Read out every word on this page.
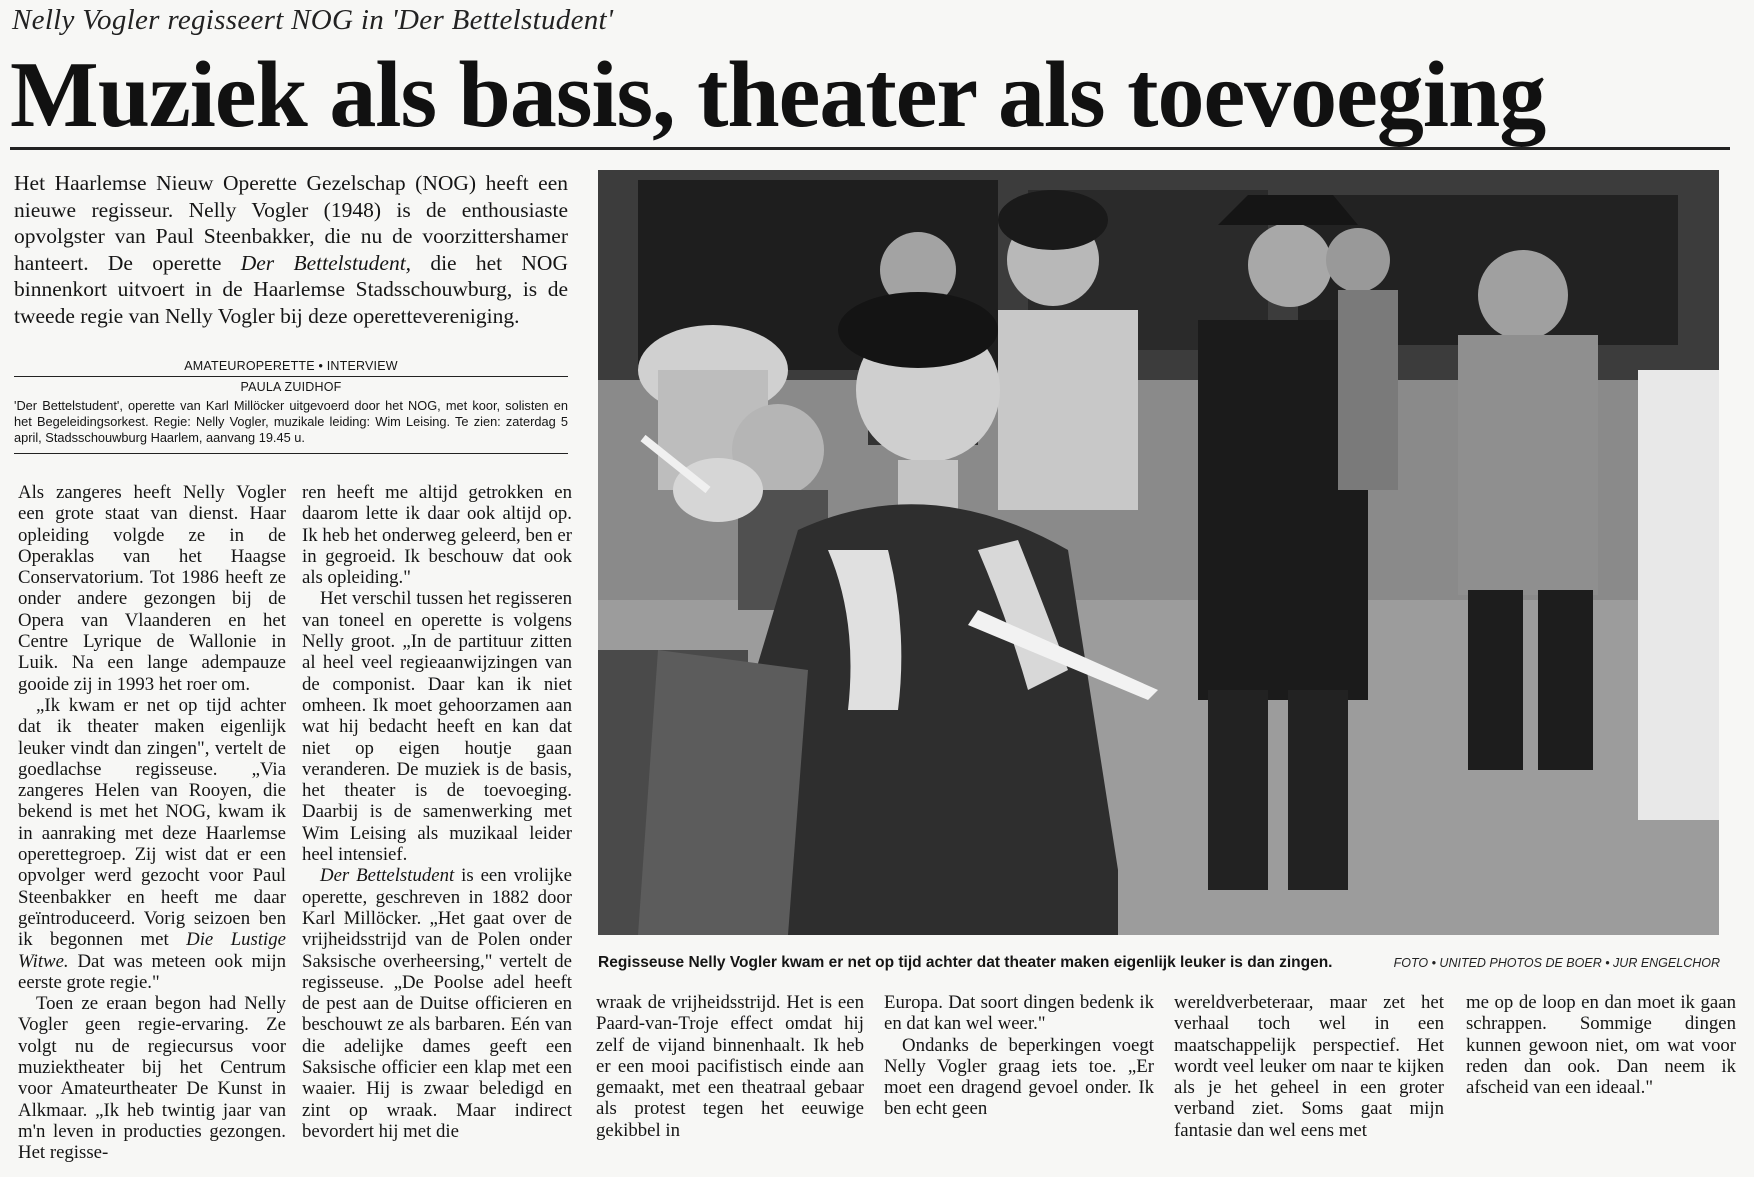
Nelly Vogler regisseert NOG in 'Der Bettelstudent'
Muziek als basis, theater als toevoeging
Het Haarlemse Nieuw Operette Gezelschap (NOG) heeft een nieuwe regisseur. Nelly Vogler (1948) is de enthousiaste opvolgster van Paul Steenbakker, die nu de voorzittershamer hanteert. De operette Der Bettelstudent, die het NOG binnenkort uitvoert in de Haarlemse Stadsschouwburg, is de tweede regie van Nelly Vogler bij deze operettevereniging.
AMATEUROPERETTE • INTERVIEW
PAULA ZUIDHOF
'Der Bettelstudent', operette van Karl Millöcker uitgevoerd door het NOG, met koor, solisten en het Begeleidingsorkest. Regie: Nelly Vogler, muzikale leiding: Wim Leising. Te zien: zaterdag 5 april, Stadsschouwburg Haarlem, aanvang 19.45 u.

Als zangeres heeft Nelly Vogler een grote staat van dienst. Haar opleiding volgde ze in de Operaklas van het Haagse Conservatorium. Tot 1986 heeft ze onder andere gezongen bij de Opera van Vlaanderen en het Centre Lyrique de Wallonie in Luik. Na een lange adempauze gooide zij in 1993 het roer om.

„Ik kwam er net op tijd achter dat ik theater maken eigenlijk leuker vindt dan zingen", vertelt de goedlachse regisseuse. „Via zangeres Helen van Rooyen, die bekend is met het NOG, kwam ik in aanraking met deze Haarlemse operettegroep. Zij wist dat er een opvolger werd gezocht voor Paul Steenbakker en heeft me daar geïntroduceerd. Vorig seizoen ben ik begonnen met Die Lustige Witwe. Dat was meteen ook mijn eerste grote regie."

Toen ze eraan begon had Nelly Vogler geen regie-ervaring. Ze volgt nu de regiecursus voor muziektheater bij het Centrum voor Amateurtheater De Kunst in Alkmaar. „Ik heb twintig jaar van m'n leven in producties gezongen. Het regisse-

ren heeft me altijd getrokken en daarom lette ik daar ook altijd op. Ik heb het onderweg geleerd, ben er in gegroeid. Ik beschouw dat ook als opleiding."

Het verschil tussen het regisseren van toneel en operette is volgens Nelly groot. „In de partituur zitten al heel veel regieaanwijzingen van de componist. Daar kan ik niet omheen. Ik moet gehoorzamen aan wat hij bedacht heeft en kan dat niet op eigen houtje gaan veranderen. De muziek is de basis, het theater is de toevoeging. Daarbij is de samenwerking met Wim Leising als muzikaal leider heel intensief.

Der Bettelstudent is een vrolijke operette, geschreven in 1882 door Karl Millöcker. „Het gaat over de vrijheidsstrijd van de Polen onder Saksische overheersing," vertelt de regisseuse. „De Poolse adel heeft de pest aan de Duitse officieren en beschouwt ze als barbaren. Eén van die adelijke dames geeft een Saksische officier een klap met een waaier. Hij is zwaar beledigd en zint op wraak. Maar indirect bevordert hij met die

Regisseuse Nelly Vogler kwam er net op tijd achter dat theater maken eigenlijk leuker is dan zingen.	FOTO • UNITED PHOTOS DE BOER • JUR ENGELCHOR

wraak de vrijheidsstrijd. Het is een Paard-van-Troje effect omdat hij zelf de vijand binnenhaalt. Ik heb er een mooi pacifistisch einde aan gemaakt, met een theatraal gebaar als protest tegen het eeuwige gekibbel in

Europa. Dat soort dingen bedenk ik en dat kan wel weer."

Ondanks de beperkingen voegt Nelly Vogler graag iets toe. „Er moet een dragend gevoel onder. Ik ben echt geen

wereldverbeteraar, maar zet het verhaal toch wel in een maatschappelijk perspectief. Het wordt veel leuker om naar te kijken als je het geheel in een groter verband ziet. Soms gaat mijn fantasie dan wel eens met

me op de loop en dan moet ik gaan schrappen. Sommige dingen kunnen gewoon niet, om wat voor reden dan ook. Dan neem ik afscheid van een ideaal."
